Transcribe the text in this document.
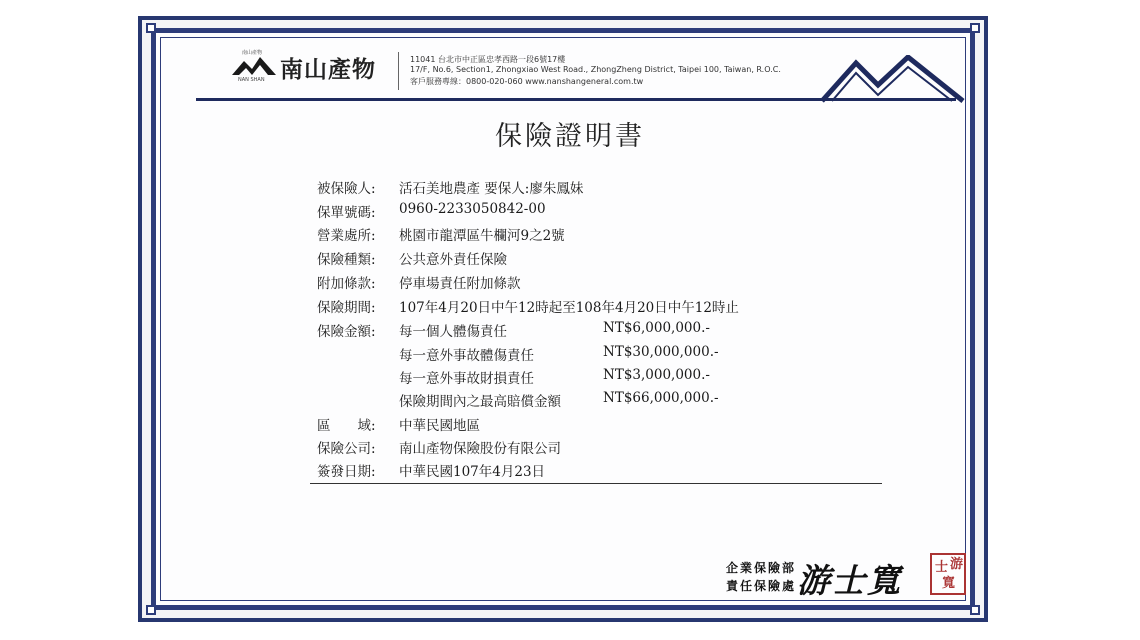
南山產物
NAN SHAN 南山產物	11041 台北市中正區忠孝西路一段6號17樓
17/F, No.6, Section1, Zhongxiao West Road., ZhongZheng District, Taipei 100, Taiwan, R.O.C.
客戶服務專線：0800-020-060 www.nanshangeneral.com.tw
保險證明書
被保險人:	活石美地農產 要保人:廖朱鳳妹
保單號碼:	0960-2233050842-00
營業處所:	桃園市龍潭區牛欄河9之2號
保險種類:	公共意外責任保險
附加條款:	停車場責任附加條款
保險期間:	107年4月20日中午12時起至108年4月20日中午12時止
保險金額:	每一個人體傷責任	NT$6,000,000.-
每一意外事故體傷責任	NT$30,000,000.-
每一意外事故財損責任	NT$3,000,000.-
保險期間內之最高賠償金額	NT$66,000,000.-
區　　域:	中華民國地區
保險公司:	南山產物保險股份有限公司
簽發日期:	中華民國107年4月23日
企業保險部
責任保險處 游士寬	士 游
寬
